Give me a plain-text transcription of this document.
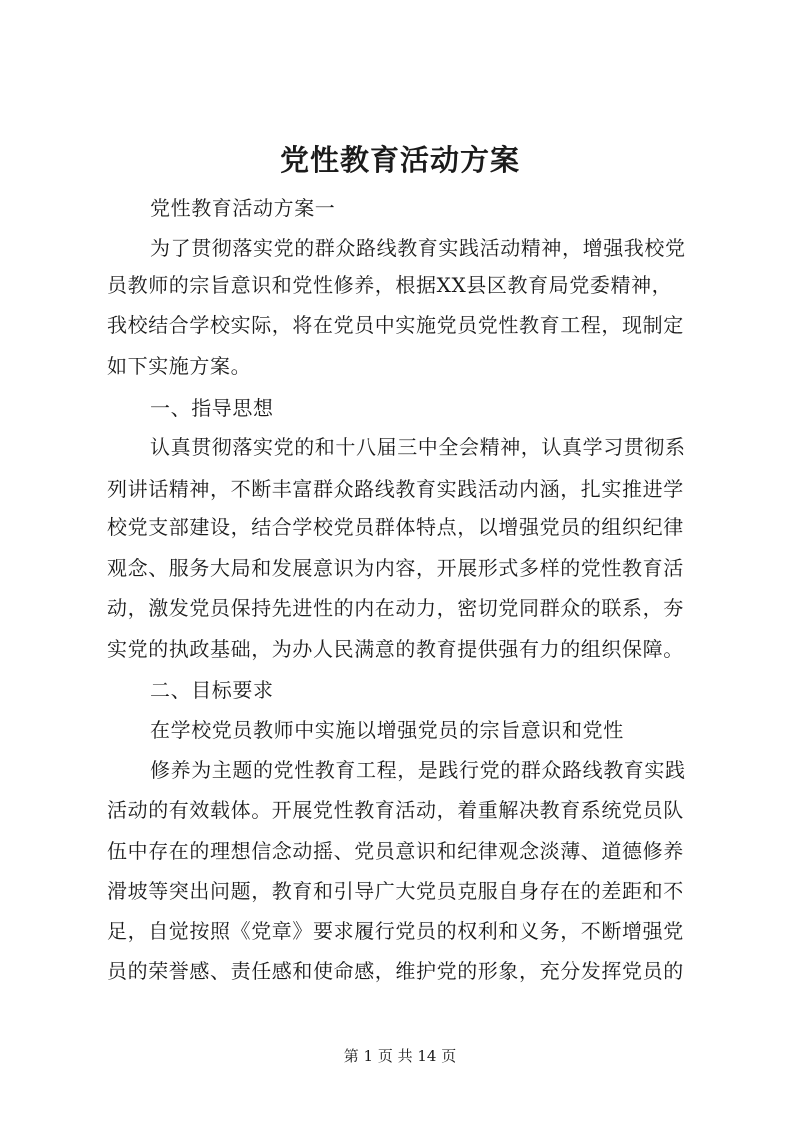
党性教育活动方案
党性教育活动方案一
为了贯彻落实党的群众路线教育实践活动精神，增强我校党
员教师的宗旨意识和党性修养，根据XX县区教育局党委精神，
我校结合学校实际，将在党员中实施党员党性教育工程，现制定
如下实施方案。
一、指导思想
认真贯彻落实党的和十八届三中全会精神，认真学习贯彻系
列讲话精神，不断丰富群众路线教育实践活动内涵，扎实推进学
校党支部建设，结合学校党员群体特点，以增强党员的组织纪律
观念、服务大局和发展意识为内容，开展形式多样的党性教育活
动，激发党员保持先进性的内在动力，密切党同群众的联系，夯
实党的执政基础，为办人民满意的教育提供强有力的组织保障。
二、目标要求
在学校党员教师中实施以增强党员的宗旨意识和党性
修养为主题的党性教育工程，是践行党的群众路线教育实践
活动的有效载体。开展党性教育活动，着重解决教育系统党员队
伍中存在的理想信念动摇、党员意识和纪律观念淡薄、道德修养
滑坡等突出问题，教育和引导广大党员克服自身存在的差距和不
足，自觉按照《党章》要求履行党员的权利和义务，不断增强党
员的荣誉感、责任感和使命感，维护党的形象，充分发挥党员的
第 1 页 共 14 页
